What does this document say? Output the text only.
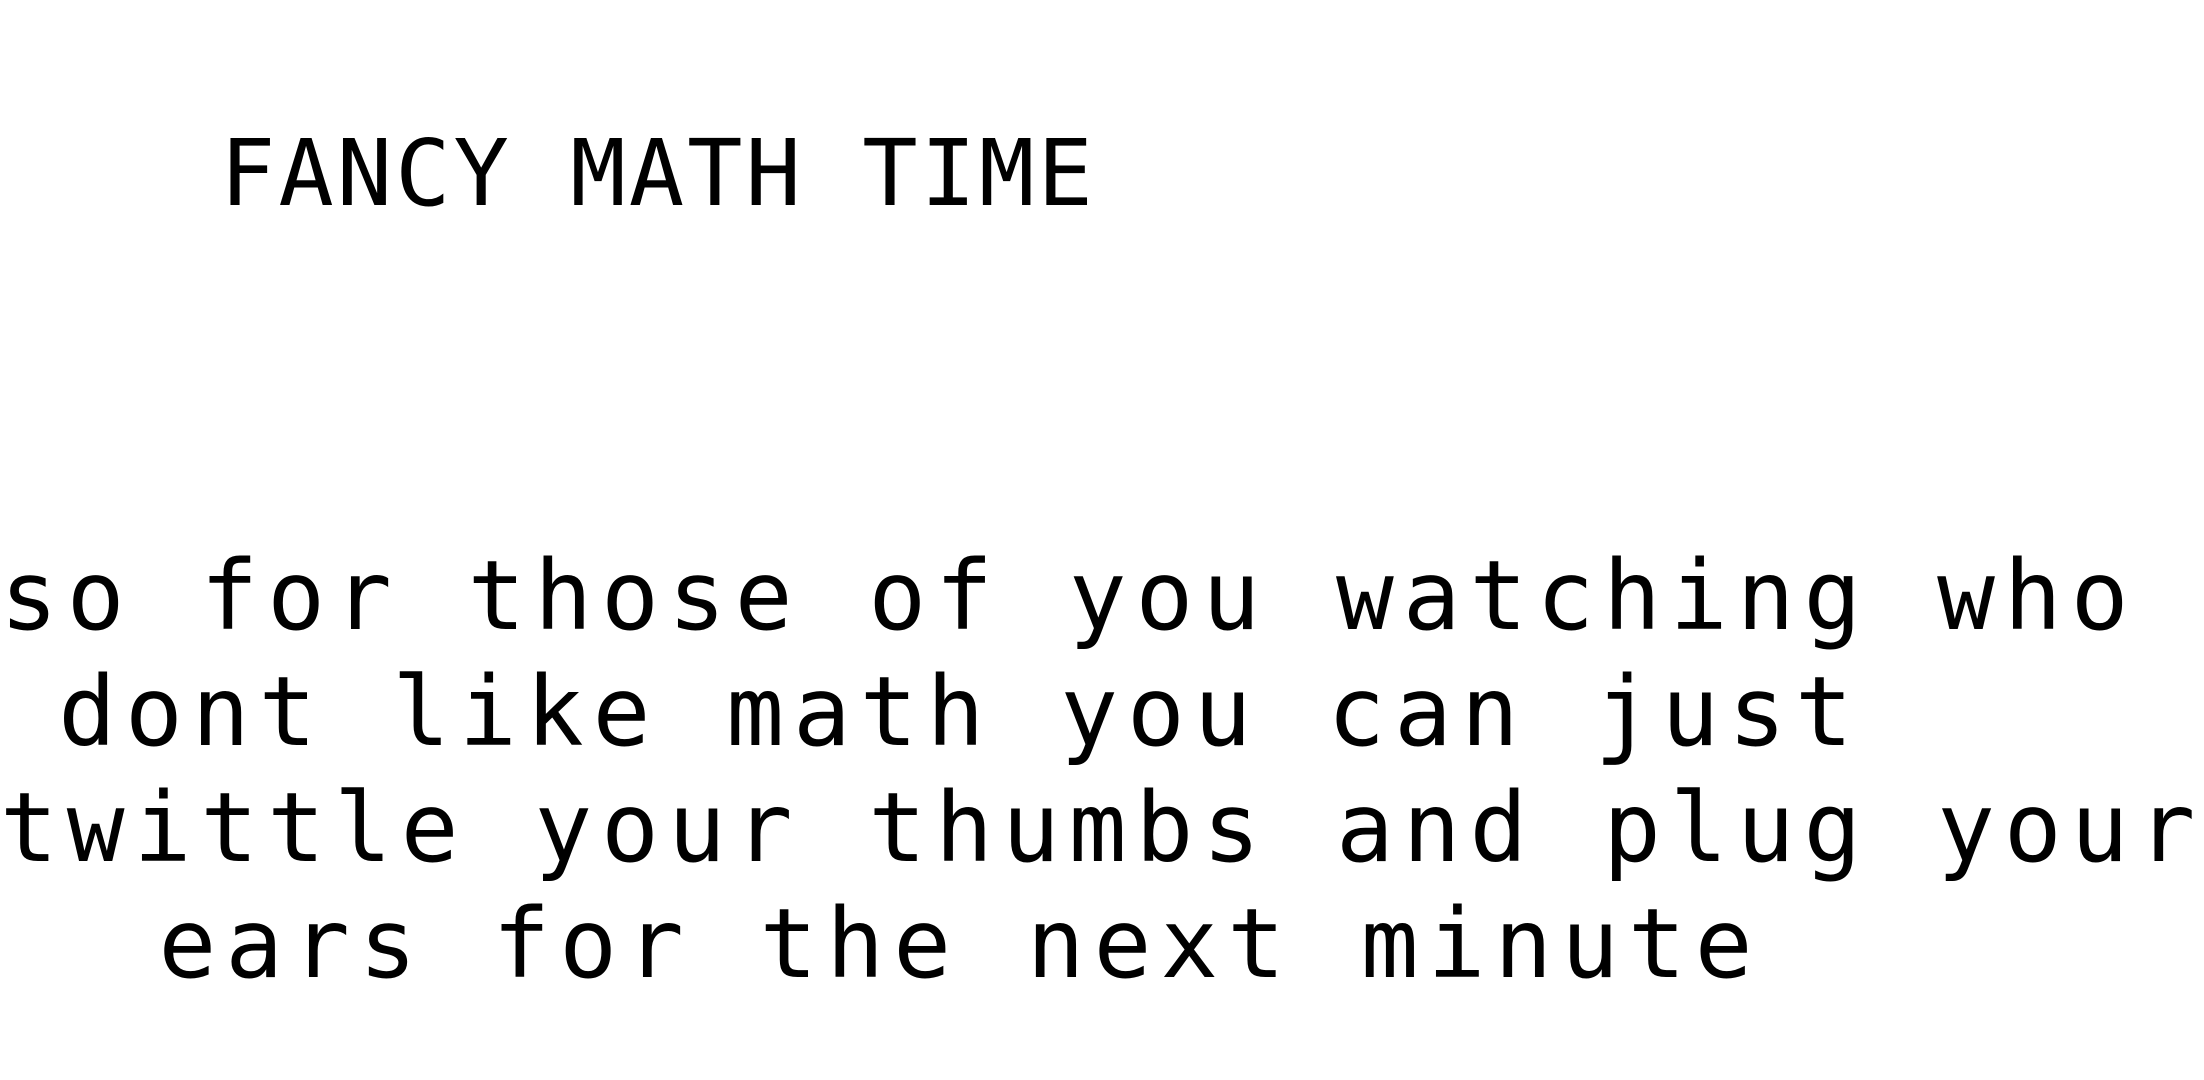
FANCY MATH TIME
so for those of you watching who
dont like math you can just
twittle your thumbs and plug your
ears for the next minute
